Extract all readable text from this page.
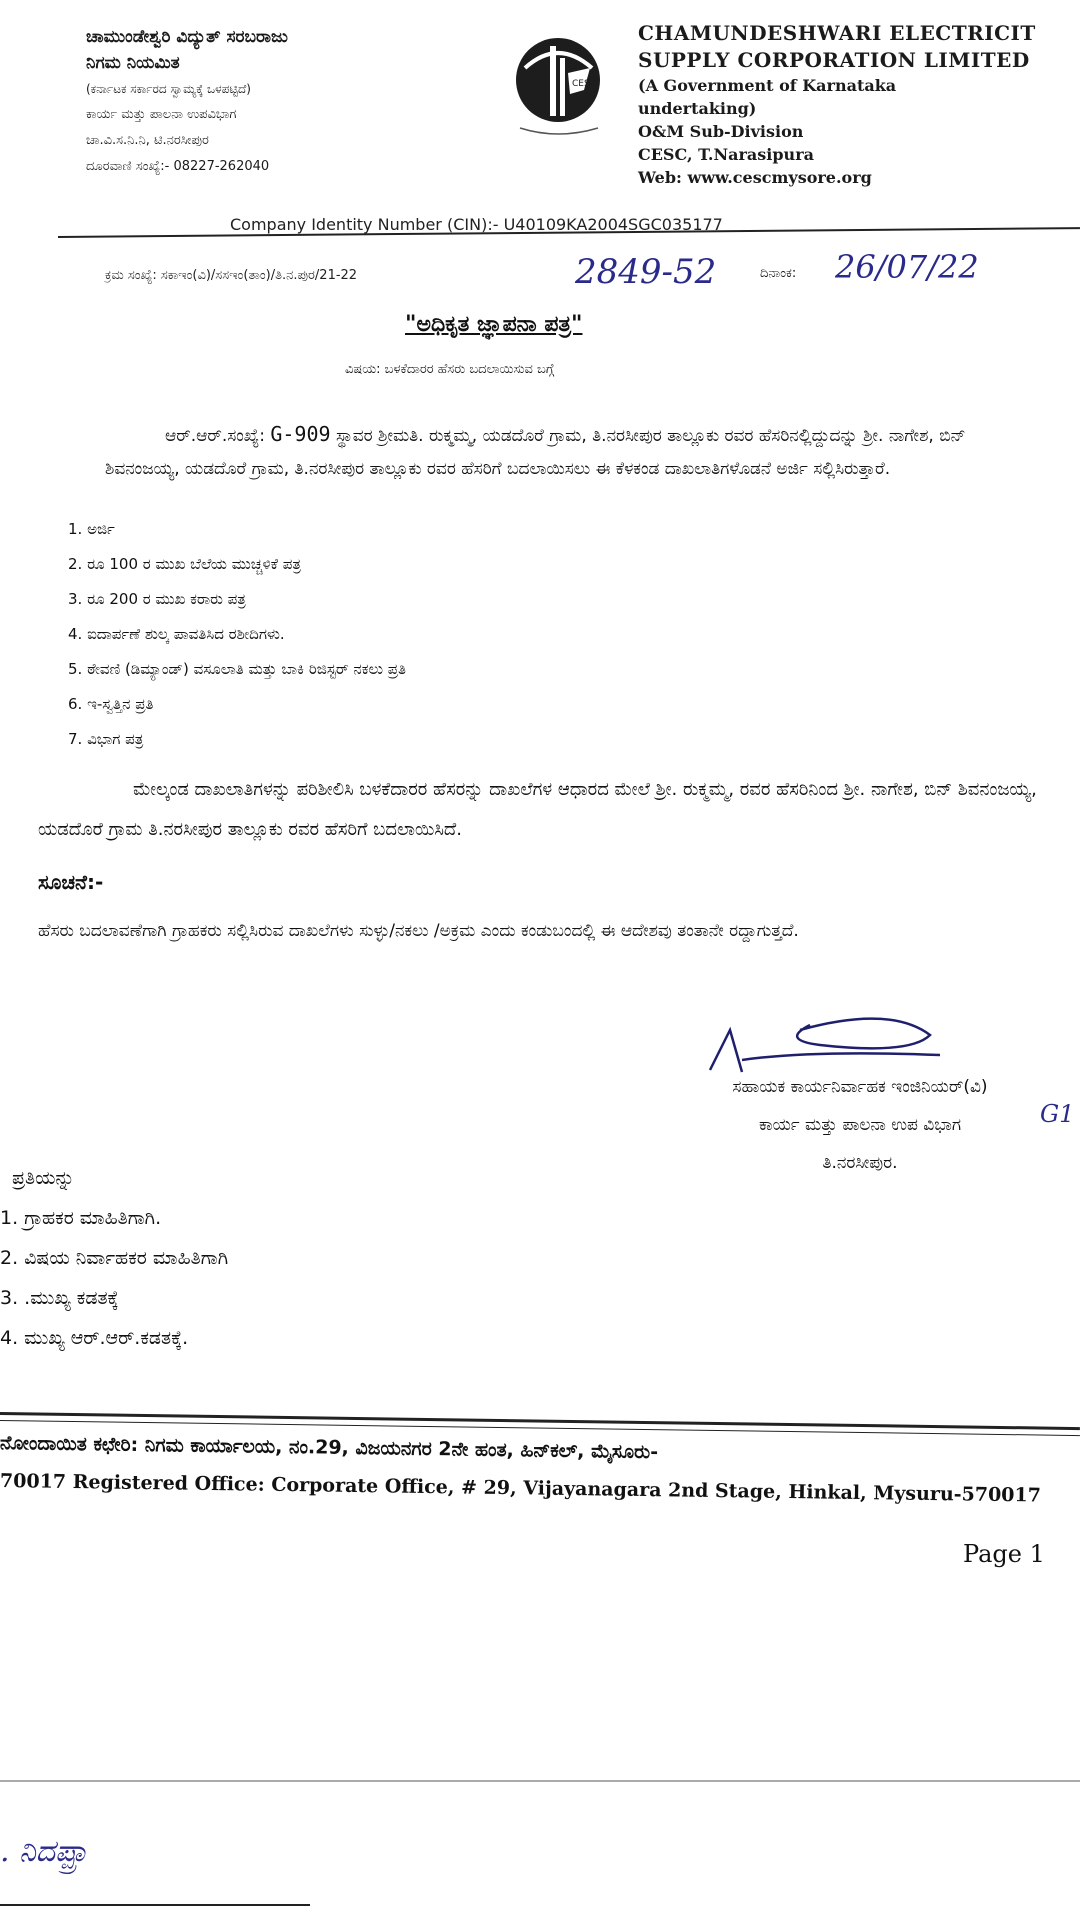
ಚಾಮುಂಡೇಶ್ವರಿ ವಿದ್ಯುತ್ ಸರಬರಾಜು
ನಿಗಮ ನಿಯಮಿತ
(ಕರ್ನಾಟಕ ಸರ್ಕಾರದ ಸ್ವಾಮ್ಯಕ್ಕೆ ಒಳಪಟ್ಟಿದೆ)
ಕಾರ್ಯ ಮತ್ತು ಪಾಲನಾ ಉಪವಿಭಾಗ
ಚಾ.ವಿ.ಸ.ನಿ.ನಿ, ಟಿ.ನರಸೀಪುರ
ದೂರವಾಣಿ ಸಂಖ್ಯೆ:- 08227-262040
CESC
CHAMUNDESHWARI ELECTRICIT
SUPPLY CORPORATION LIMITED
(A Government of Karnataka
undertaking)
O&M Sub-Division
CESC, T.Narasipura
Web: www.cescmysore.org
Company Identity Number (CIN):- U40109KA2004SGC035177
ಕ್ರಮ ಸಂಖ್ಯೆ: ಸಕಾಇಂ(ವಿ)/ಸಸಇಂ(ತಾಂ)/ತಿ.ನ.ಪುರ/21-22	2849-52	ದಿನಾಂಕ: 26/07/22
"ಅಧಿಕೃತ ಜ್ಞಾಪನಾ ಪತ್ರ"
ವಿಷಯ: ಬಳಕೆದಾರರ ಹೆಸರು ಬದಲಾಯಿಸುವ ಬಗ್ಗೆ
ಆರ್.ಆರ್.ಸಂಖ್ಯೆ: G-909 ಸ್ಥಾವರ ಶ್ರೀಮತಿ. ರುಕ್ಮಮ್ಮ, ಯಡದೊರೆ ಗ್ರಾಮ, ತಿ.ನರಸೀಪುರ ತಾಲ್ಲೂಕು ರವರ ಹೆಸರಿನಲ್ಲಿದ್ದುದನ್ನು ಶ್ರೀ. ನಾಗೇಶ, ಬಿನ್ ಶಿವನಂಜಯ್ಯ, ಯಡದೊರೆ ಗ್ರಾಮ, ತಿ.ನರಸೀಪುರ ತಾಲ್ಲೂಕು ರವರ ಹೆಸರಿಗೆ ಬದಲಾಯಿಸಲು ಈ ಕೆಳಕಂಡ ದಾಖಲಾತಿಗಳೊಡನೆ ಅರ್ಜಿ ಸಲ್ಲಿಸಿರುತ್ತಾರೆ.
1. ಅರ್ಜಿ
2. ರೂ 100 ರ ಮುಖ ಬೆಲೆಯ ಮುಚ್ಚಳಿಕೆ ಪತ್ರ
3. ರೂ 200 ರ ಮುಖ ಕರಾರು ಪತ್ರ
4. ಐದಾರ್ಪಣೆ ಶುಲ್ಕ ಪಾವತಿಸಿದ ರಶೀದಿಗಳು.
5. ಠೇವಣಿ (ಡಿಮ್ಯಾಂಡ್) ವಸೂಲಾತಿ ಮತ್ತು ಬಾಕಿ ರಿಜಿಸ್ಟರ್ ನಕಲು ಪ್ರತಿ
6. ಇ-ಸ್ವತ್ತಿನ ಪ್ರತಿ
7. ವಿಭಾಗ ಪತ್ರ
ಮೇಲ್ಕಂಡ ದಾಖಲಾತಿಗಳನ್ನು ಪರಿಶೀಲಿಸಿ ಬಳಕೆದಾರರ ಹೆಸರನ್ನು ದಾಖಲೆಗಳ ಆಧಾರದ ಮೇಲೆ ಶ್ರೀ. ರುಕ್ಮಮ್ಮ, ರವರ ಹೆಸರಿನಿಂದ ಶ್ರೀ. ನಾಗೇಶ, ಬಿನ್ ಶಿವನಂಜಯ್ಯ, ಯಡದೊರೆ ಗ್ರಾಮ ತಿ.ನರಸೀಪುರ ತಾಲ್ಲೂಕು ರವರ ಹೆಸರಿಗೆ ಬದಲಾಯಿಸಿದೆ.
ಸೂಚನೆ:-
ಹೆಸರು ಬದಲಾವಣೆಗಾಗಿ ಗ್ರಾಹಕರು ಸಲ್ಲಿಸಿರುವ ದಾಖಲೆಗಳು ಸುಳ್ಳು/ನಕಲು /ಅಕ್ರಮ ಎಂದು ಕಂಡುಬಂದಲ್ಲಿ ಈ ಆದೇಶವು ತಂತಾನೇ ರದ್ದಾಗುತ್ತದೆ.
ಸಹಾಯಕ ಕಾರ್ಯನಿರ್ವಾಹಕ ಇಂಜಿನಿಯರ್(ವಿ)
ಕಾರ್ಯ ಮತ್ತು ಪಾಲನಾ ಉಪ ವಿಭಾಗ
ತಿ.ನರಸೀಪುರ.
G1
ಪ್ರತಿಯನ್ನು
1. ಗ್ರಾಹಕರ ಮಾಹಿತಿಗಾಗಿ.
2. ವಿಷಯ ನಿರ್ವಾಹಕರ ಮಾಹಿತಿಗಾಗಿ
3. .ಮುಖ್ಯ ಕಡತಕ್ಕೆ
4. ಮುಖ್ಯ ಆರ್.ಆರ್.ಕಡತಕ್ಕೆ.
ನೋಂದಾಯಿತ ಕಛೇರಿ: ನಿಗಮ ಕಾರ್ಯಾಲಯ, ನಂ.29, ವಿಜಯನಗರ 2ನೇ ಹಂತ, ಹಿನ್‌ಕಲ್, ಮೈಸೂರು-
70017 Registered Office: Corporate Office, # 29, Vijayanagara 2nd Stage, Hinkal, Mysuru-570017
Page 1
. ನಿದಪ್ಪ್ರಾ
